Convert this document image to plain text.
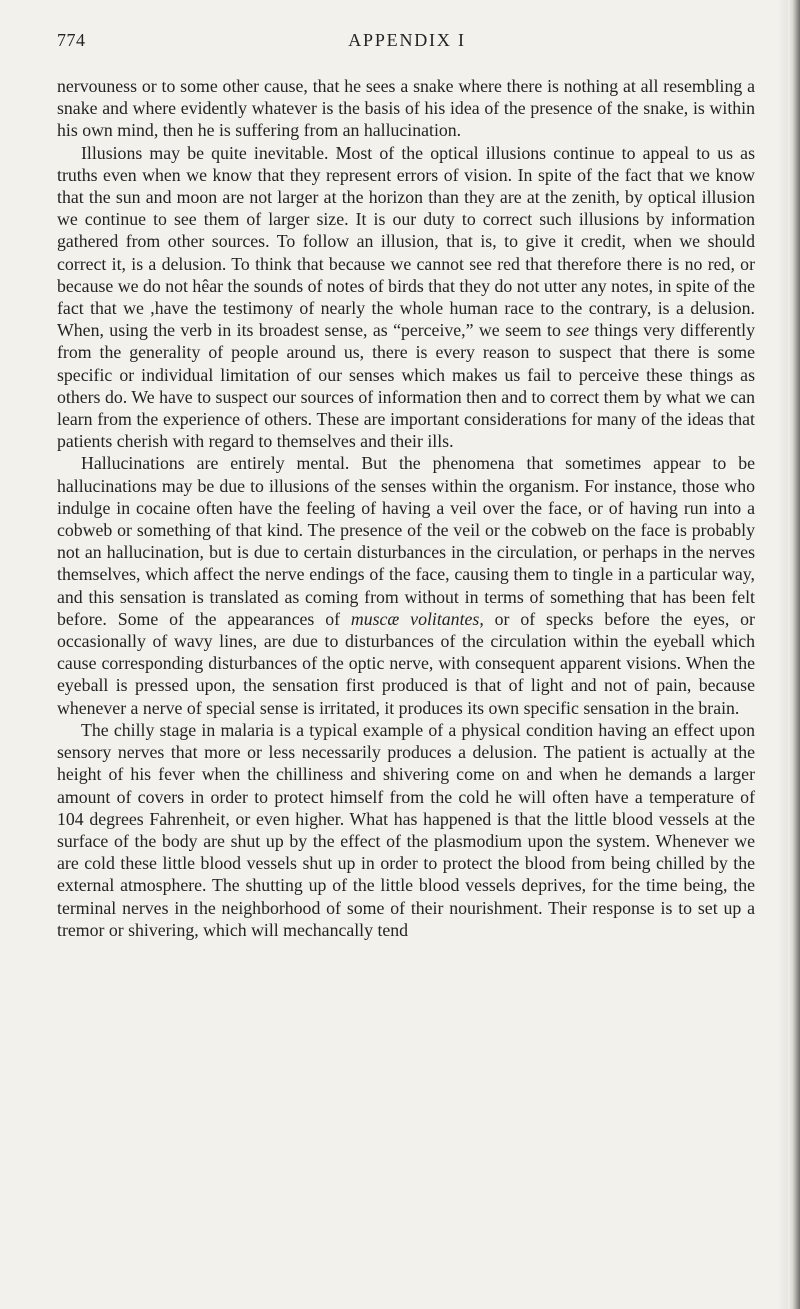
774	APPENDIX I

nervouness or to some other cause, that he sees a snake where there is nothing at all resembling a snake and where evidently whatever is the basis of his idea of the presence of the snake, is within his own mind, then he is suffering from an hallucination.

Illusions may be quite inevitable. Most of the optical illusions continue to appeal to us as truths even when we know that they represent errors of vision. In spite of the fact that we know that the sun and moon are not larger at the horizon than they are at the zenith, by optical illusion we continue to see them of larger size. It is our duty to correct such illusions by information gathered from other sources. To follow an illusion, that is, to give it credit, when we should correct it, is a delusion. To think that because we cannot see red that therefore there is no red, or because we do not hêar the sounds of notes of birds that they do not utter any notes, in spite of the fact that we ,have the testimony of nearly the whole human race to the contrary, is a delusion. When, using the verb in its broadest sense, as “perceive,” we seem to see things very differently from the generality of people around us, there is every reason to suspect that there is some specific or individual limitation of our senses which makes us fail to perceive these things as others do. We have to suspect our sources of information then and to correct them by what we can learn from the experience of others. These are important considerations for many of the ideas that patients cherish with regard to themselves and their ills.

Hallucinations are entirely mental. But the phenomena that sometimes appear to be hallucinations may be due to illusions of the senses within the organism. For instance, those who indulge in cocaine often have the feeling of having a veil over the face, or of having run into a cobweb or something of that kind. The presence of the veil or the cobweb on the face is probably not an hallucination, but is due to certain disturbances in the circulation, or perhaps in the nerves themselves, which affect the nerve endings of the face, causing them to tingle in a particular way, and this sensation is translated as coming from without in terms of something that has been felt before. Some of the appearances of muscæ volitantes, or of specks before the eyes, or occasionally of wavy lines, are due to disturbances of the circulation within the eyeball which cause corresponding disturbances of the optic nerve, with consequent apparent visions. When the eyeball is pressed upon, the sensation first produced is that of light and not of pain, because whenever a nerve of special sense is irritated, it produces its own specific sensation in the brain.

The chilly stage in malaria is a typical example of a physical condition having an effect upon sensory nerves that more or less necessarily produces a delusion. The patient is actually at the height of his fever when the chilliness and shivering come on and when he demands a larger amount of covers in order to protect himself from the cold he will often have a temperature of 104 degrees Fahrenheit, or even higher. What has happened is that the little blood vessels at the surface of the body are shut up by the effect of the plasmodium upon the system. Whenever we are cold these little blood vessels shut up in order to protect the blood from being chilled by the external atmosphere. The shutting up of the little blood vessels deprives, for the time being, the terminal nerves in the neighborhood of some of their nourishment. Their response is to set up a tremor or shivering, which will mechancally tend
